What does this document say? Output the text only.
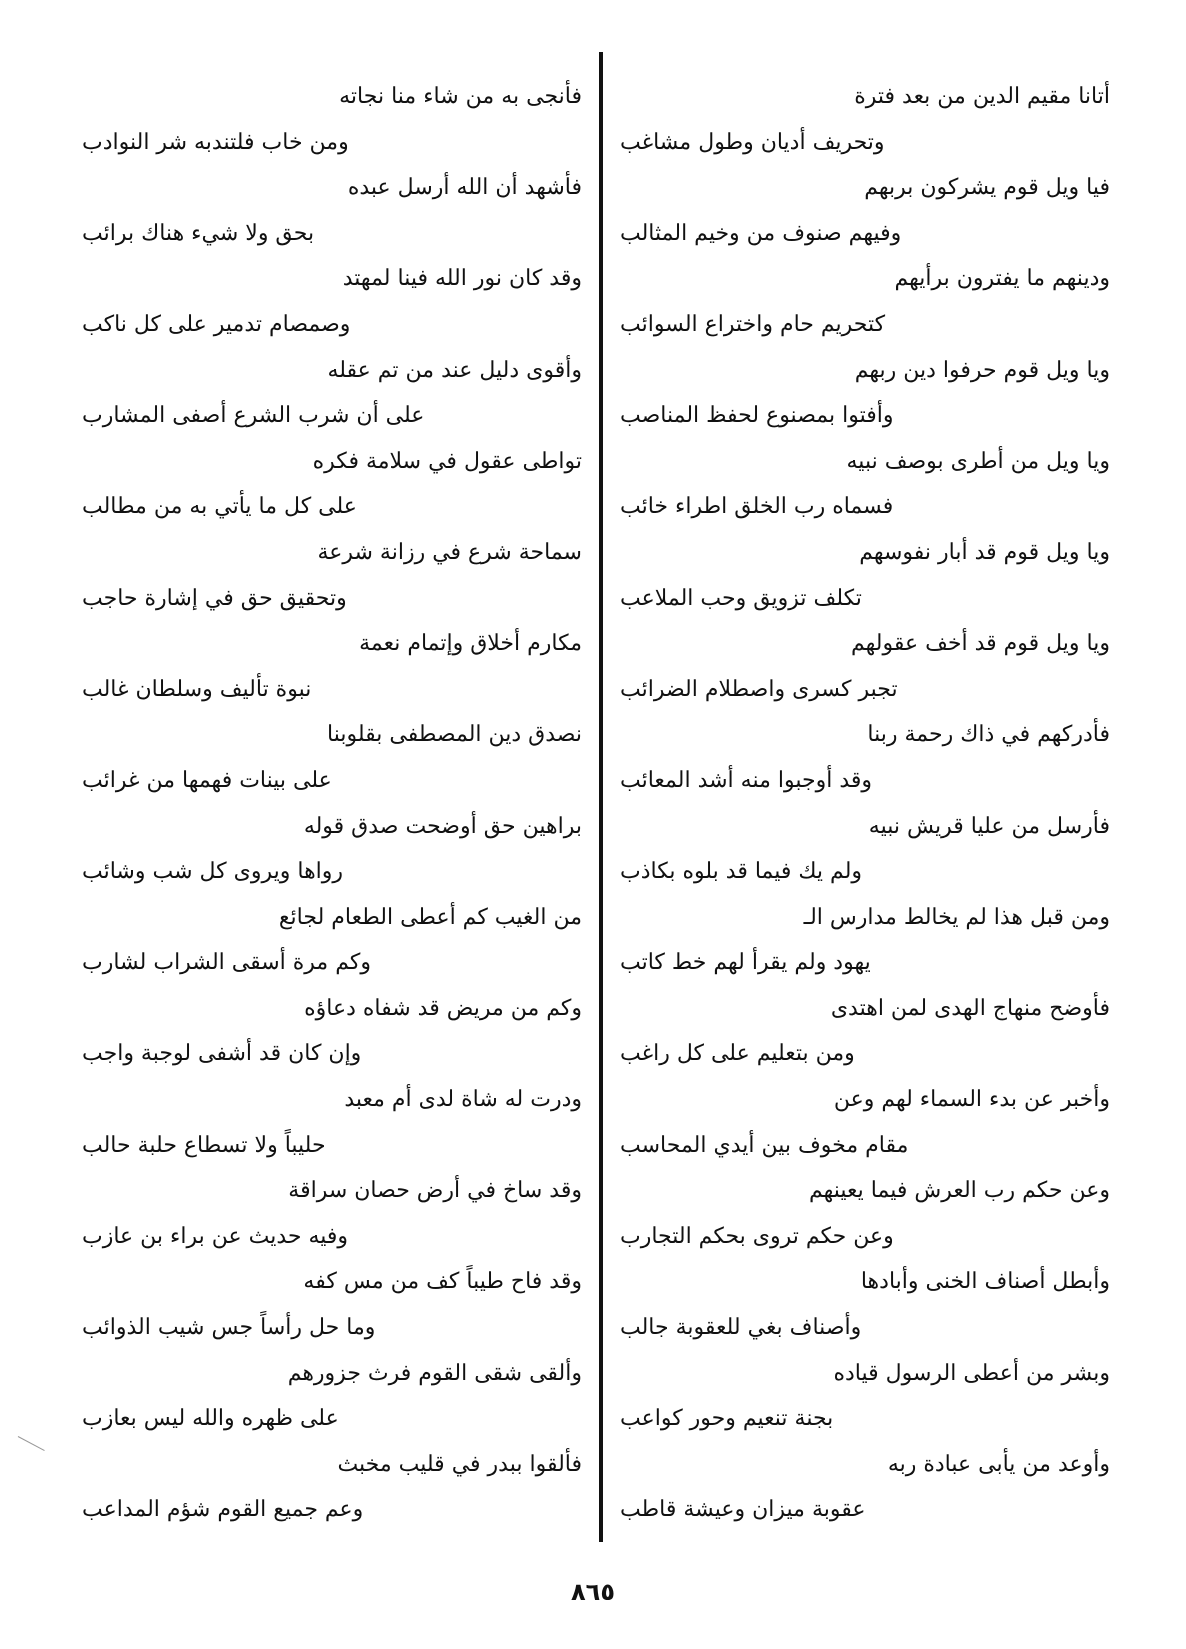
أتانا مقيم الدين من بعد فترة
وتحريف أديان وطول مشاغب
فيا ويل قوم يشركون بربهم
وفيهم صنوف من وخيم المثالب
ودينهم ما يفترون برأيهم
كتحريم حام واختراع السوائب
ويا ويل قوم حرفوا دين ربهم
وأفتوا بمصنوع لحفظ المناصب
ويا ويل من أطرى بوصف نبيه
فسماه رب الخلق اطراء خائب
ويا ويل قوم قد أبار نفوسهم
تكلف تزويق وحب الملاعب
ويا ويل قوم قد أخف عقولهم
تجبر كسرى واصطلام الضرائب
فأدركهم في ذاك رحمة ربنا
وقد أوجبوا منه أشد المعائب
فأرسل من عليا قريش نبيه
ولم يك فيما قد بلوه بكاذب
ومن قبل هذا لم يخالط مدارس الـ
يهود ولم يقرأ لهم خط كاتب
فأوضح منهاج الهدى لمن اهتدى
ومن بتعليم على كل راغب
وأخبر عن بدء السماء لهم وعن
مقام مخوف بين أيدي المحاسب
وعن حكم رب العرش فيما يعينهم
وعن حكم تروى بحكم التجارب
وأبطل أصناف الخنى وأبادها
وأصناف بغي للعقوبة جالب
وبشر من أعطى الرسول قياده
بجنة تنعيم وحور كواعب
وأوعد من يأبى عبادة ربه
عقوبة ميزان وعيشة قاطب
فأنجى به من شاء منا نجاته
ومن خاب فلتندبه شر النوادب
فأشهد أن الله أرسل عبده
بحق ولا شيء هناك برائب
وقد كان نور الله فينا لمهتد
وصمصام تدمير على كل ناكب
وأقوى دليل عند من تم عقله
على أن شرب الشرع أصفى المشارب
تواطى عقول في سلامة فكره
على كل ما يأتي به من مطالب
سماحة شرع في رزانة شرعة
وتحقيق حق في إشارة حاجب
مكارم أخلاق وإتمام نعمة
نبوة تأليف وسلطان غالب
نصدق دين المصطفى بقلوبنا
على بينات فهمها من غرائب
براهين حق أوضحت صدق قوله
رواها ويروى كل شب وشائب
من الغيب كم أعطى الطعام لجائع
وكم مرة أسقى الشراب لشارب
وكم من مريض قد شفاه دعاؤه
وإن كان قد أشفى لوجبة واجب
ودرت له شاة لدى أم معبد
حليباً ولا تسطاع حلبة حالب
وقد ساخ في أرض حصان سراقة
وفيه حديث عن براء بن عازب
وقد فاح طيباً كف من مس كفه
وما حل رأساً جس شيب الذوائب
وألقى شقى القوم فرث جزورهم
على ظهره والله ليس بعازب
فألقوا ببدر في قليب مخبث
وعم جميع القوم شؤم المداعب
٨٦٥
